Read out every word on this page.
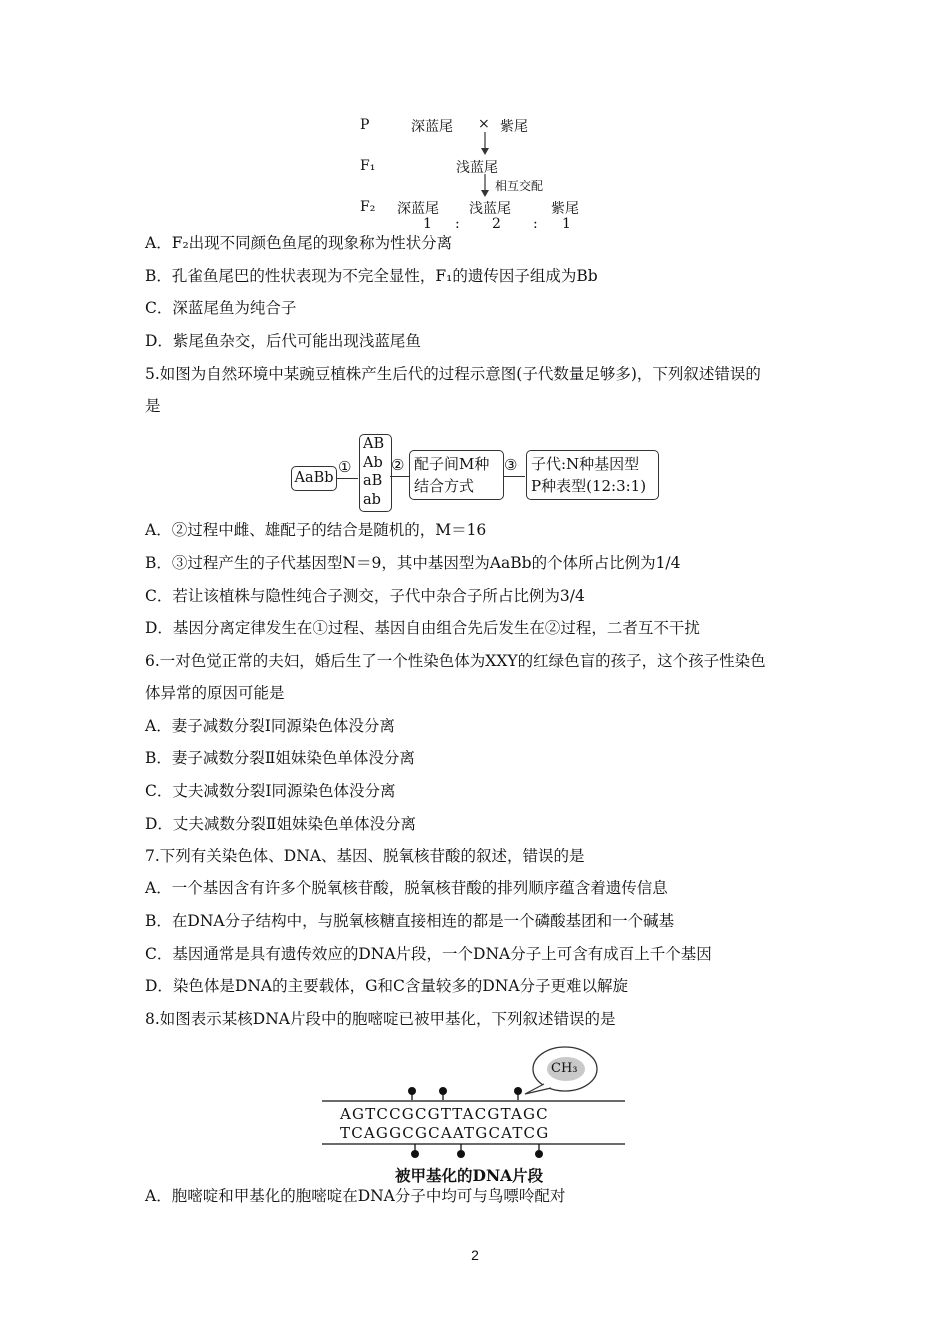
P	深蓝尾 × 紫尾
F₁	浅蓝尾
相互交配
F₂ 深蓝尾 浅蓝尾	紫尾
1 : 2 : 1
A．F₂出现不同颜色鱼尾的现象称为性状分离
B．孔雀鱼尾巴的性状表现为不完全显性，F₁的遗传因子组成为Bb
C．深蓝尾鱼为纯合子
D．紫尾鱼杂交，后代可能出现浅蓝尾鱼
5.如图为自然环境中某豌豆植株产生后代的过程示意图(子代数量足够多)，下列叙述错误的
是
AaBb
①
AB
Ab
aB
ab
② 配子间M种
结合方式
③ 子代:N种基因型
P种表型(12:3:1)
A．②过程中雌、雄配子的结合是随机的，M＝16
B．③过程产生的子代基因型N＝9，其中基因型为AaBb的个体所占比例为1/4
C．若让该植株与隐性纯合子测交，子代中杂合子所占比例为3/4
D．基因分离定律发生在①过程、基因自由组合先后发生在②过程，二者互不干扰
6.一对色觉正常的夫妇，婚后生了一个性染色体为XXY的红绿色盲的孩子，这个孩子性染色
体异常的原因可能是
A．妻子减数分裂Ⅰ同源染色体没分离
B．妻子减数分裂Ⅱ姐妹染色单体没分离
C．丈夫减数分裂Ⅰ同源染色体没分离
D．丈夫减数分裂Ⅱ姐妹染色单体没分离
7.下列有关染色体、DNA、基因、脱氧核苷酸的叙述，错误的是
A．一个基因含有许多个脱氧核苷酸，脱氧核苷酸的排列顺序蕴含着遗传信息
B．在DNA分子结构中，与脱氧核糖直接相连的都是一个磷酸基团和一个碱基
C．基因通常是具有遗传效应的DNA片段，一个DNA分子上可含有成百上千个基因
D．染色体是DNA的主要载体，G和C含量较多的DNA分子更难以解旋
8.如图表示某核DNA片段中的胞嘧啶已被甲基化，下列叙述错误的是
CH₃
AGTCCGCGTTACGTAGC
TCAGGCGCAATGCATCG
被甲基化的DNA片段
A．胞嘧啶和甲基化的胞嘧啶在DNA分子中均可与鸟嘌呤配对
2
